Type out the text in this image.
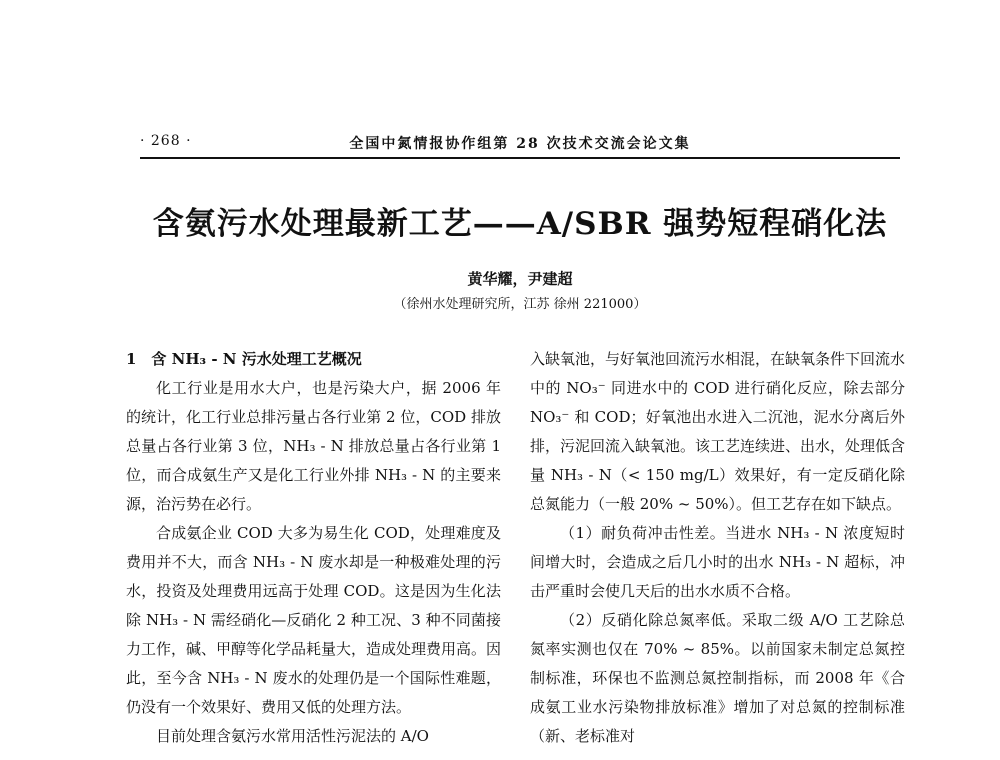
· 268 ·	全国中氮情报协作组第 28 次技术交流会论文集
含氨污水处理最新工艺——A/SBR 强势短程硝化法
黄华耀，尹建超
（徐州水处理研究所，江苏 徐州 221000）

1　含 NH₃ - N 污水处理工艺概况

化工行业是用水大户，也是污染大户，据 2006 年的统计，化工行业总排污量占各行业第 2 位，COD 排放总量占各行业第 3 位，NH₃ - N 排放总量占各行业第 1 位，而合成氨生产又是化工行业外排 NH₃ - N 的主要来源，治污势在必行。

合成氨企业 COD 大多为易生化 COD，处理难度及费用并不大，而含 NH₃ - N 废水却是一种极难处理的污水，投资及处理费用远高于处理 COD。这是因为生化法除 NH₃ - N 需经硝化—反硝化 2 种工况、3 种不同菌接力工作，碱、甲醇等化学品耗量大，造成处理费用高。因此，至今含 NH₃ - N 废水的处理仍是一个国际性难题，仍没有一个效果好、费用又低的处理方法。

目前处理含氨污水常用活性污泥法的 A/O

入缺氧池，与好氧池回流污水相混，在缺氧条件下回流水中的 NO₃⁻ 同进水中的 COD 进行硝化反应，除去部分 NO₃⁻ 和 COD；好氧池出水进入二沉池，泥水分离后外排，污泥回流入缺氧池。该工艺连续进、出水，处理低含量 NH₃ - N（< 150 mg/L）效果好，有一定反硝化除总氮能力（一般 20% ~ 50%）。但工艺存在如下缺点。

（1）耐负荷冲击性差。当进水 NH₃ - N 浓度短时间增大时，会造成之后几小时的出水 NH₃ - N 超标，冲击严重时会使几天后的出水水质不合格。

（2）反硝化除总氮率低。采取二级 A/O 工艺除总氮率实测也仅在 70% ~ 85%。以前国家未制定总氮控制标准，环保也不监测总氮控制指标，而 2008 年《合成氨工业水污染物排放标准》增加了对总氮的控制标准（新、老标准对
